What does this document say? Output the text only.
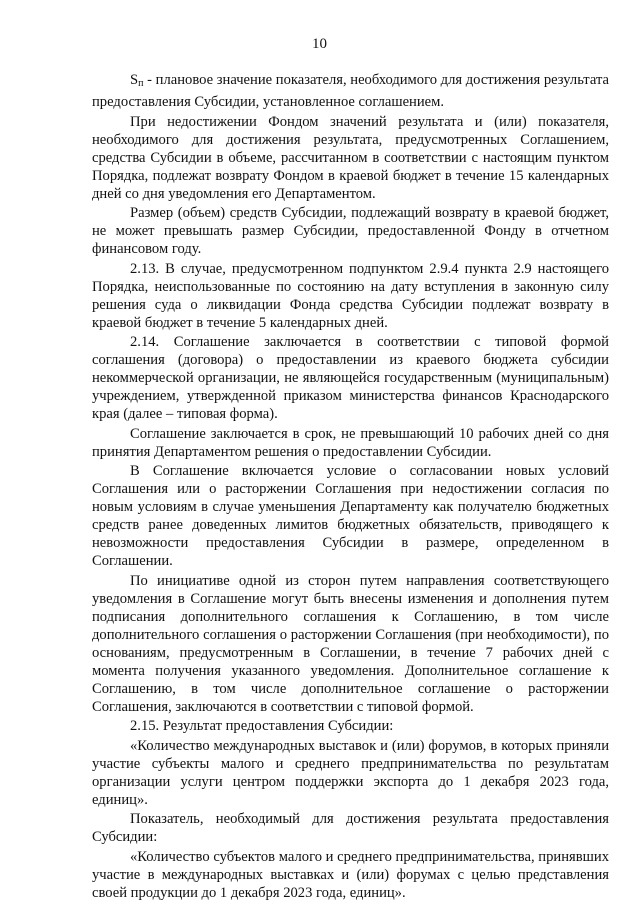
10

$S_п$ - плановое значение показателя, необходимого для достижения результата предоставления Субсидии, установленное соглашением.

При недостижении Фондом значений результата и (или) показателя, необходимого для достижения результата, предусмотренных Соглашением, средства Субсидии в объеме, рассчитанном в соответствии с настоящим пунктом Порядка, подлежат возврату Фондом в краевой бюджет в течение 15 календарных дней со дня уведомления его Департаментом.

Размер (объем) средств Субсидии, подлежащий возврату в краевой бюджет, не может превышать размер Субсидии, предоставленной Фонду в отчетном финансовом году.

2.13. В случае, предусмотренном подпунктом 2.9.4 пункта 2.9 настоящего Порядка, неиспользованные по состоянию на дату вступления в законную силу решения суда о ликвидации Фонда средства Субсидии подлежат возврату в краевой бюджет в течение 5 календарных дней.

2.14. Соглашение заключается в соответствии с типовой формой соглашения (договора) о предоставлении из краевого бюджета субсидии некоммерческой организации, не являющейся государственным (муниципальным) учреждением, утвержденной приказом министерства финансов Краснодарского края (далее – типовая форма).

Соглашение заключается в срок, не превышающий 10 рабочих дней со дня принятия Департаментом решения о предоставлении Субсидии.

В Соглашение включается условие о согласовании новых условий Соглашения или о расторжении Соглашения при недостижении согласия по новым условиям в случае уменьшения Департаменту как получателю бюджетных средств ранее доведенных лимитов бюджетных обязательств, приводящего к невозможности предоставления Субсидии в размере, определенном в Соглашении.

По инициативе одной из сторон путем направления соответствующего уведомления в Соглашение могут быть внесены изменения и дополнения путем подписания дополнительного соглашения к Соглашению, в том числе дополнительного соглашения о расторжении Соглашения (при необходимости), по основаниям, предусмотренным в Соглашении, в течение 7 рабочих дней с момента получения указанного уведомления. Дополнительное соглашение к Соглашению, в том числе дополнительное соглашение о расторжении Соглашения, заключаются в соответствии с типовой формой.

2.15. Результат предоставления Субсидии:

«Количество международных выставок и (или) форумов, в которых приняли участие субъекты малого и среднего предпринимательства по результатам организации услуги центром поддержки экспорта до 1 декабря 2023 года, единиц».

Показатель, необходимый для достижения результата предоставления Субсидии:

«Количество субъектов малого и среднего предпринимательства, принявших участие в международных выставках и (или) форумах с целью представления своей продукции до 1 декабря 2023 года, единиц».
